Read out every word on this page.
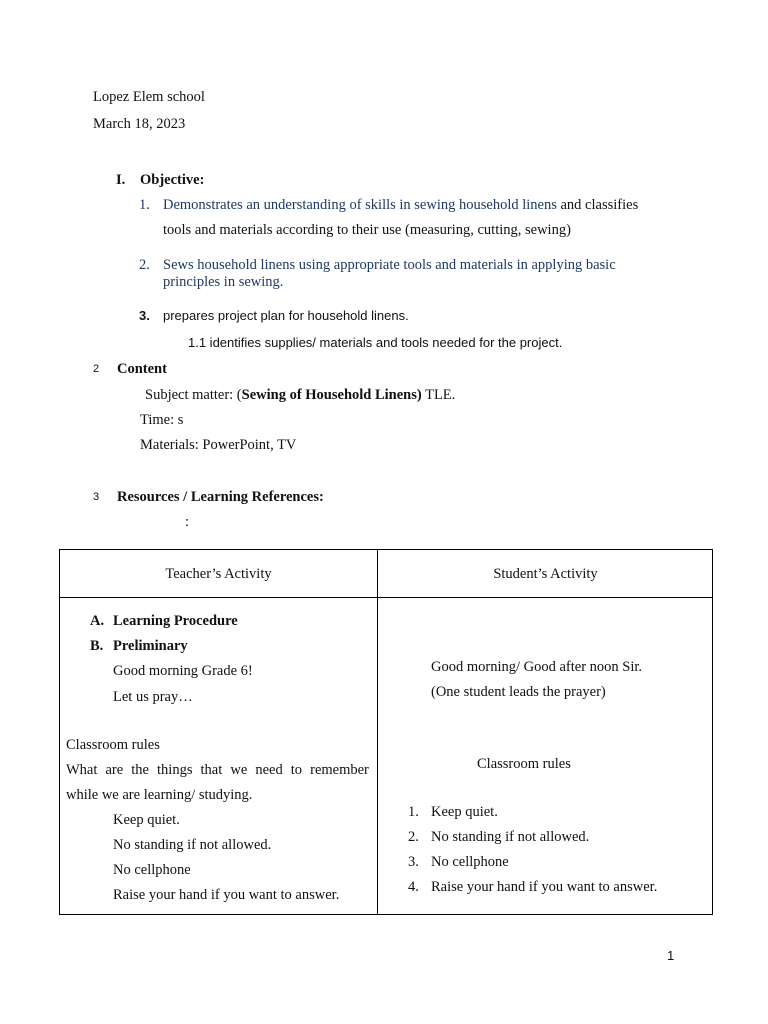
Lopez Elem school
March 18, 2023
I. Objective:
1. Demonstrates an understanding of skills in sewing household linens and classifies
tools and materials according to their use (measuring, cutting, sewing)
2. Sews household linens using appropriate tools and materials in applying basic
principles in sewing.
3. prepares project plan for household linens.
1.1 identifies supplies/ materials and tools needed for the project.
2 Content
Subject matter: (Sewing of Household Linens) TLE.
Time: s
Materials: PowerPoint, TV
3 Resources / Learning References:
:
Teacher’s Activity	Student’s Activity
A. Learning Procedure
B. Preliminary
Good morning Grade 6!
Let us pray…
Classroom rules
What are the things that we need to remember
while we are learning/ studying.
Keep quiet.
No standing if not allowed.
No cellphone
Raise your hand if you want to answer.
Good morning/ Good after noon Sir.
(One student leads the prayer)
Classroom rules
1. Keep quiet.
2. No standing if not allowed.
3. No cellphone
4. Raise your hand if you want to answer.
1
